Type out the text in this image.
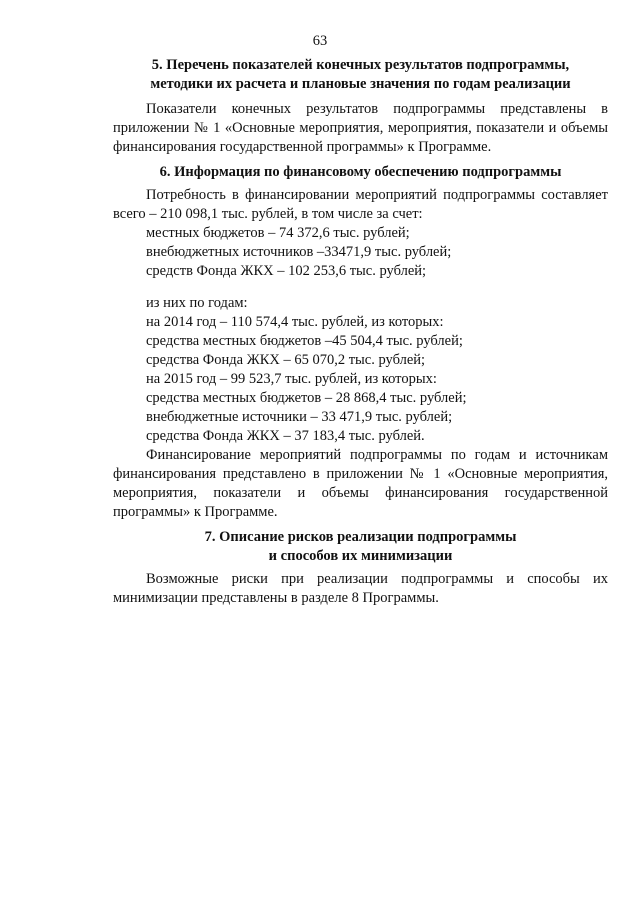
63

5. Перечень показателей конечных результатов подпрограммы,

методики их расчета и плановые значения по годам реализации

Показатели конечных результатов подпрограммы представлены в приложении № 1 «Основные мероприятия, мероприятия, показатели и объемы финансирования государственной программы» к Программе.

6. Информация по финансовому обеспечению подпрограммы

Потребность в финансировании мероприятий подпрограммы составляет всего – 210 098,1 тыс. рублей, в том числе за счет:

местных бюджетов – 74 372,6 тыс. рублей;

внебюджетных источников –33471,9 тыс. рублей;

средств Фонда ЖКХ – 102 253,6 тыс. рублей;

из них по годам:

на 2014 год – 110 574,4 тыс. рублей, из которых:

средства местных бюджетов –45 504,4 тыс. рублей;

средства Фонда ЖКХ – 65 070,2 тыс. рублей;

на 2015 год – 99 523,7 тыс. рублей, из которых:

средства местных бюджетов – 28 868,4 тыс. рублей;

внебюджетные источники – 33 471,9 тыс. рублей;

средства Фонда ЖКХ – 37 183,4 тыс. рублей.

Финансирование мероприятий подпрограммы по годам и источникам финансирования представлено в приложении № 1 «Основные мероприятия, мероприятия, показатели и объемы финансирования государственной программы» к Программе.

7. Описание рисков реализации подпрограммы

и способов их минимизации

Возможные риски при реализации подпрограммы и способы их минимизации представлены в разделе 8 Программы.
